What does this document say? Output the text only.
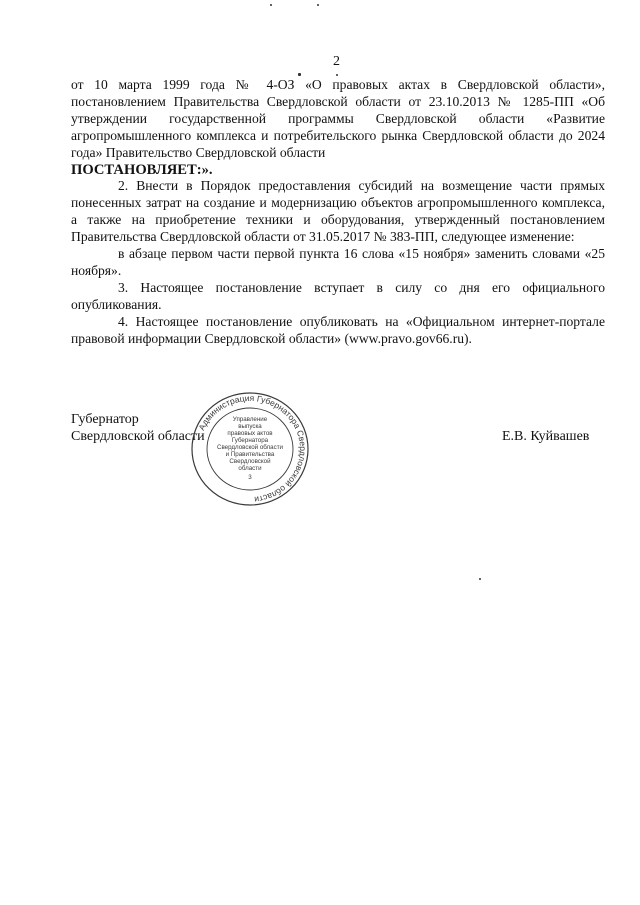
2

от 10 марта 1999 года № 4-ОЗ «О правовых актах в Свердловской области», постановлением Правительства Свердловской области от 23.10.2013 № 1285-ПП «Об утверждении государственной программы Свердловской области «Развитие агропромышленного комплекса и потребительского рынка Свердловской области до 2024 года» Правительство Свердловской области

ПОСТАНОВЛЯЕТ:».

2. Внести в Порядок предоставления субсидий на возмещение части прямых понесенных затрат на создание и модернизацию объектов агропромышленного комплекса, а также на приобретение техники и оборудования, утвержденный постановлением Правительства Свердловской области от 31.05.2017 № 383-ПП, следующее изменение:

в абзаце первом части первой пункта 16 слова «15 ноября» заменить словами «25 ноября».

3. Настоящее постановление вступает в силу со дня его официального опубликования.

4. Настоящее постановление опубликовать на «Официальном интернет-портале правовой информации Свердловской области» (www.pravo.gov66.ru).

Губернатор
Свердловской области	Е.В. Куйвашев
Администрация Губернатора Свердловской области
Управление
выпуска
правовых актов
Губернатора
Свердловской области
и Правительства
Свердловской
области
3
